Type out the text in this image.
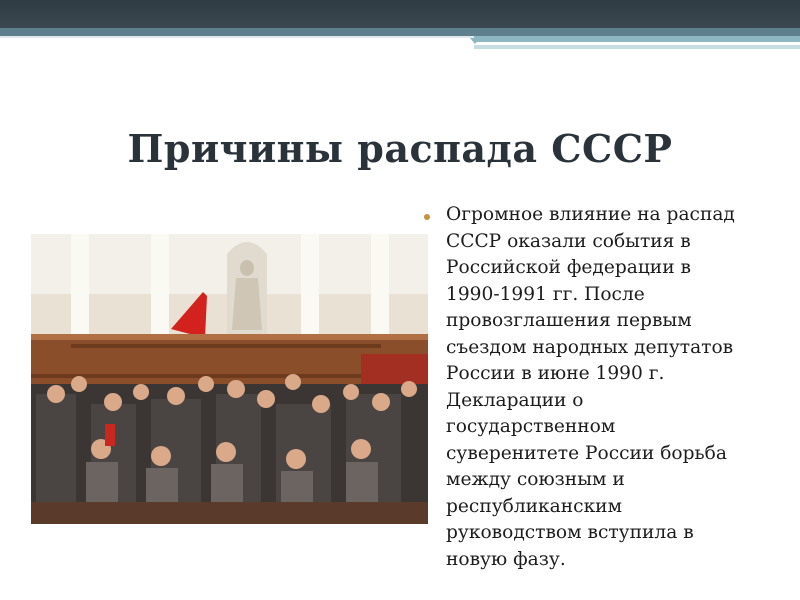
Причины распада СССР
Огромное влияние на распад
СССР оказали события в
Российской федерации в
1990-1991 гг. После
провозглашения первым
съездом народных депутатов
России в июне 1990 г.
Декларации о
государственном
суверенитете России борьба
между союзным и
республиканским
руководством вступила в
новую фазу.
